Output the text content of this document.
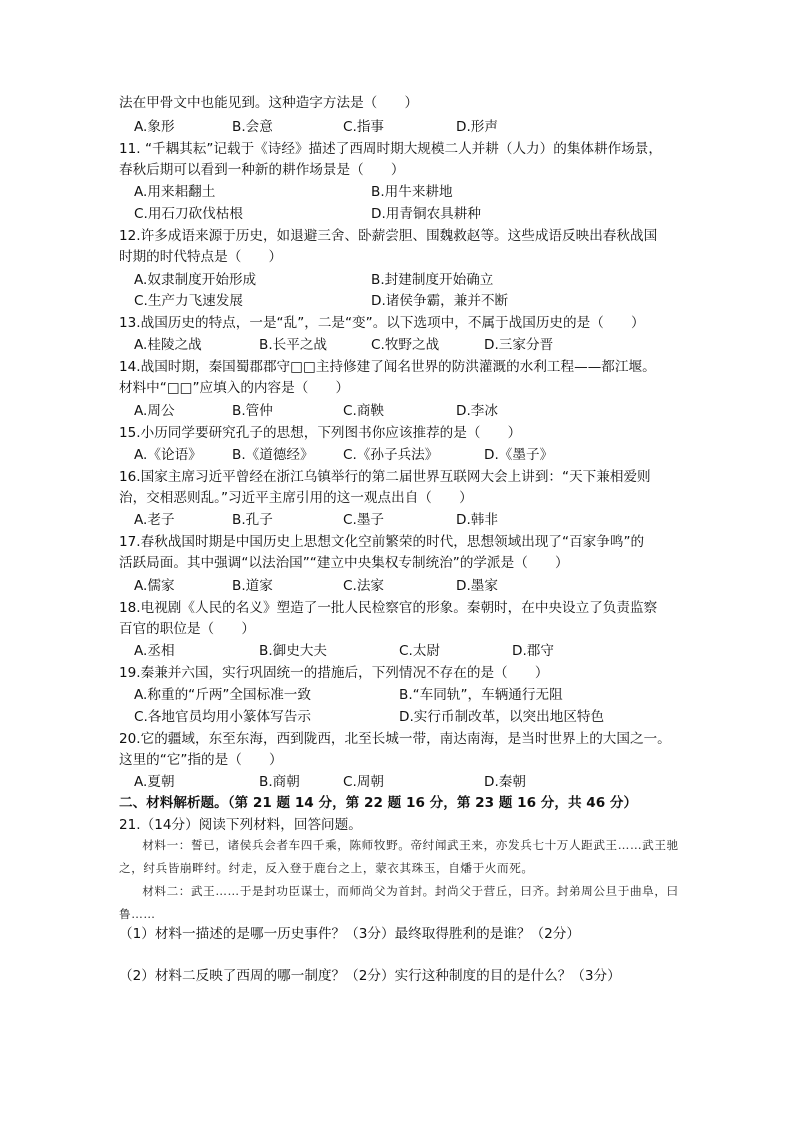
法在甲骨文中也能见到。这种造字方法是（　　）
A.象形	B.会意	C.指事	D.形声
11. “千耦其耘”记载于《诗经》描述了西周时期大规模二人并耕（人力）的集体耕作场景，
春秋后期可以看到一种新的耕作场景是（　　）
A.用来耜翻土	B.用牛来耕地
C.用石刀砍伐枯根	D.用青铜农具耕种
12.许多成语来源于历史，如退避三舍、卧薪尝胆、围魏救赵等。这些成语反映出春秋战国
时期的时代特点是（　　）
A.奴隶制度开始形成	B.封建制度开始确立
C.生产力飞速发展	D.诸侯争霸，兼并不断
13.战国历史的特点，一是“乱”，二是“变”。以下选项中，不属于战国历史的是（　　）
A.桂陵之战	B.长平之战	C.牧野之战	D.三家分晋
14.战国时期，秦国蜀郡郡守□□主持修建了闻名世界的防洪灌溉的水利工程——都江堰。
材料中“□□”应填入的内容是（　　）
A.周公	B.管仲	C.商鞅	D.李冰
15.小历同学要研究孔子的思想，下列图书你应该推荐的是（　　）
A.《论语》 B.《道德经》 C.《孙子兵法》	D.《墨子》
16.国家主席习近平曾经在浙江乌镇举行的第二届世界互联网大会上讲到：“天下兼相爱则
治，交相恶则乱。”习近平主席引用的这一观点出自（　　）
A.老子	B.孔子	C.墨子	D.韩非
17.春秋战国时期是中国历史上思想文化空前繁荣的时代，思想领域出现了“百家争鸣”的
活跃局面。其中强调“以法治国”“建立中央集权专制统治”的学派是（　　）
A.儒家	B.道家	C.法家	D.墨家
18.电视剧《人民的名义》塑造了一批人民检察官的形象。秦朝时，在中央设立了负责监察
百官的职位是（　　）
A.丞相	B.御史大夫	C.太尉	D.郡守
19.秦兼并六国，实行巩固统一的措施后，下列情况不存在的是（　　）
A.称重的“斤两”全国标准一致	B.“车同轨”，车辆通行无阻
C.各地官员均用小篆体写告示	D.实行币制改革，以突出地区特色
20.它的疆域，东至东海，西到陇西，北至长城一带，南达南海，是当时世界上的大国之一。
这里的“它”指的是（　　）
A.夏朝	B.商朝	C.周朝	D.秦朝
二、材料解析题。（第 21 题 14 分，第 22 题 16 分，第 23 题 16 分，共 46 分）
21.（14分）阅读下列材料，回答问题。

材料一：誓已，诸侯兵会者车四千乘，陈师牧野。帝纣闻武王来，亦发兵七十万人距武王……武王驰之，纣兵皆崩畔纣。纣走，反入登于鹿台之上，蒙衣其珠玉，自燔于火而死。

材料二：武王……于是封功臣谋士，而师尚父为首封。封尚父于营丘，曰齐。封弟周公旦于曲阜，曰鲁……

（1）材料一描述的是哪一历史事件？（3分）最终取得胜利的是谁？（2分）
（2）材料二反映了西周的哪一制度？（2分）实行这种制度的目的是什么？（3分）
